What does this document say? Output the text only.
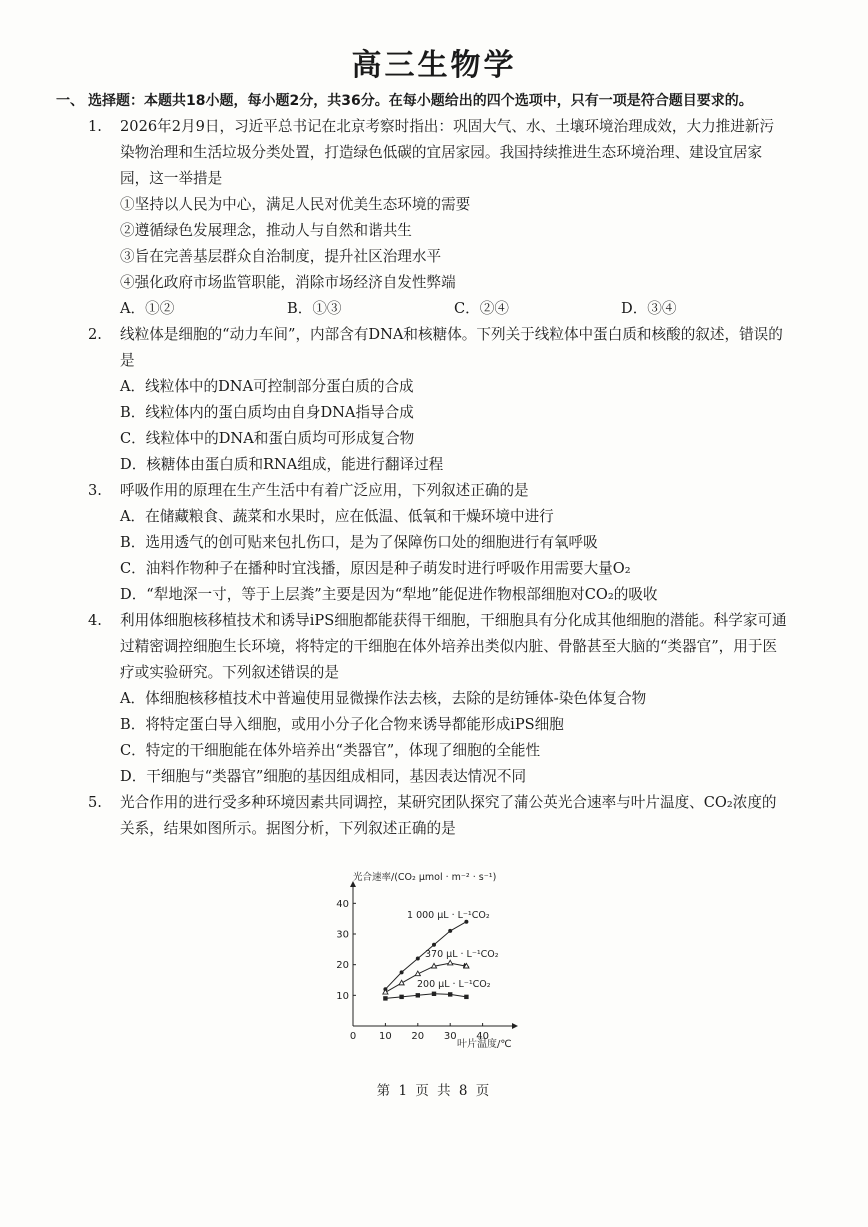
高三生物学
一、 选择题：本题共18小题，每小题2分，共36分。在每小题给出的四个选项中，只有一项是符合题目要求的。
1. 2026年2月9日，习近平总书记在北京考察时指出：巩固大气、水、土壤环境治理成效，大力推进新污染物治理和生活垃圾分类处置，打造绿色低碳的宜居家园。我国持续推进生态环境治理、建设宜居家园，这一举措是
①坚持以人民为中心，满足人民对优美生态环境的需要
②遵循绿色发展理念，推动人与自然和谐共生
③旨在完善基层群众自治制度，提升社区治理水平
④强化政府市场监管职能，消除市场经济自发性弊端
A．①②	B．①③	C．②④	D．③④
2. 线粒体是细胞的“动力车间”，内部含有DNA和核糖体。下列关于线粒体中蛋白质和核酸的叙述，错误的是
A．线粒体中的DNA可控制部分蛋白质的合成
B．线粒体内的蛋白质均由自身DNA指导合成
C．线粒体中的DNA和蛋白质均可形成复合物
D．核糖体由蛋白质和RNA组成，能进行翻译过程
3. 呼吸作用的原理在生产生活中有着广泛应用，下列叙述正确的是
A．在储藏粮食、蔬菜和水果时，应在低温、低氧和干燥环境中进行
B．选用透气的创可贴来包扎伤口，是为了保障伤口处的细胞进行有氧呼吸
C．油料作物种子在播种时宜浅播，原因是种子萌发时进行呼吸作用需要大量O₂
D．“犁地深一寸，等于上层粪”主要是因为“犁地”能促进作物根部细胞对CO₂的吸收
4. 利用体细胞核移植技术和诱导iPS细胞都能获得干细胞，干细胞具有分化成其他细胞的潜能。科学家可通过精密调控细胞生长环境，将特定的干细胞在体外培养出类似内脏、骨骼甚至大脑的“类器官”，用于医疗或实验研究。下列叙述错误的是
A．体细胞核移植技术中普遍使用显微操作法去核，去除的是纺锤体-染色体复合物
B．将特定蛋白导入细胞，或用小分子化合物来诱导都能形成iPS细胞
C．特定的干细胞能在体外培养出“类器官”，体现了细胞的全能性
D．干细胞与“类器官”细胞的基因组成相同，基因表达情况不同
5. 光合作用的进行受多种环境因素共同调控，某研究团队探究了蒲公英光合速率与叶片温度、CO₂浓度的关系，结果如图所示。据图分析，下列叙述正确的是
光合速率/(CO₂ μmol · m⁻² · s⁻¹)
叶片温度/℃
0 10 20 30 40
10
20
30
40
1 000 μL · L⁻¹CO₂
370 μL · L⁻¹CO₂
200 μL · L⁻¹CO₂
第 1 页 共 8 页
